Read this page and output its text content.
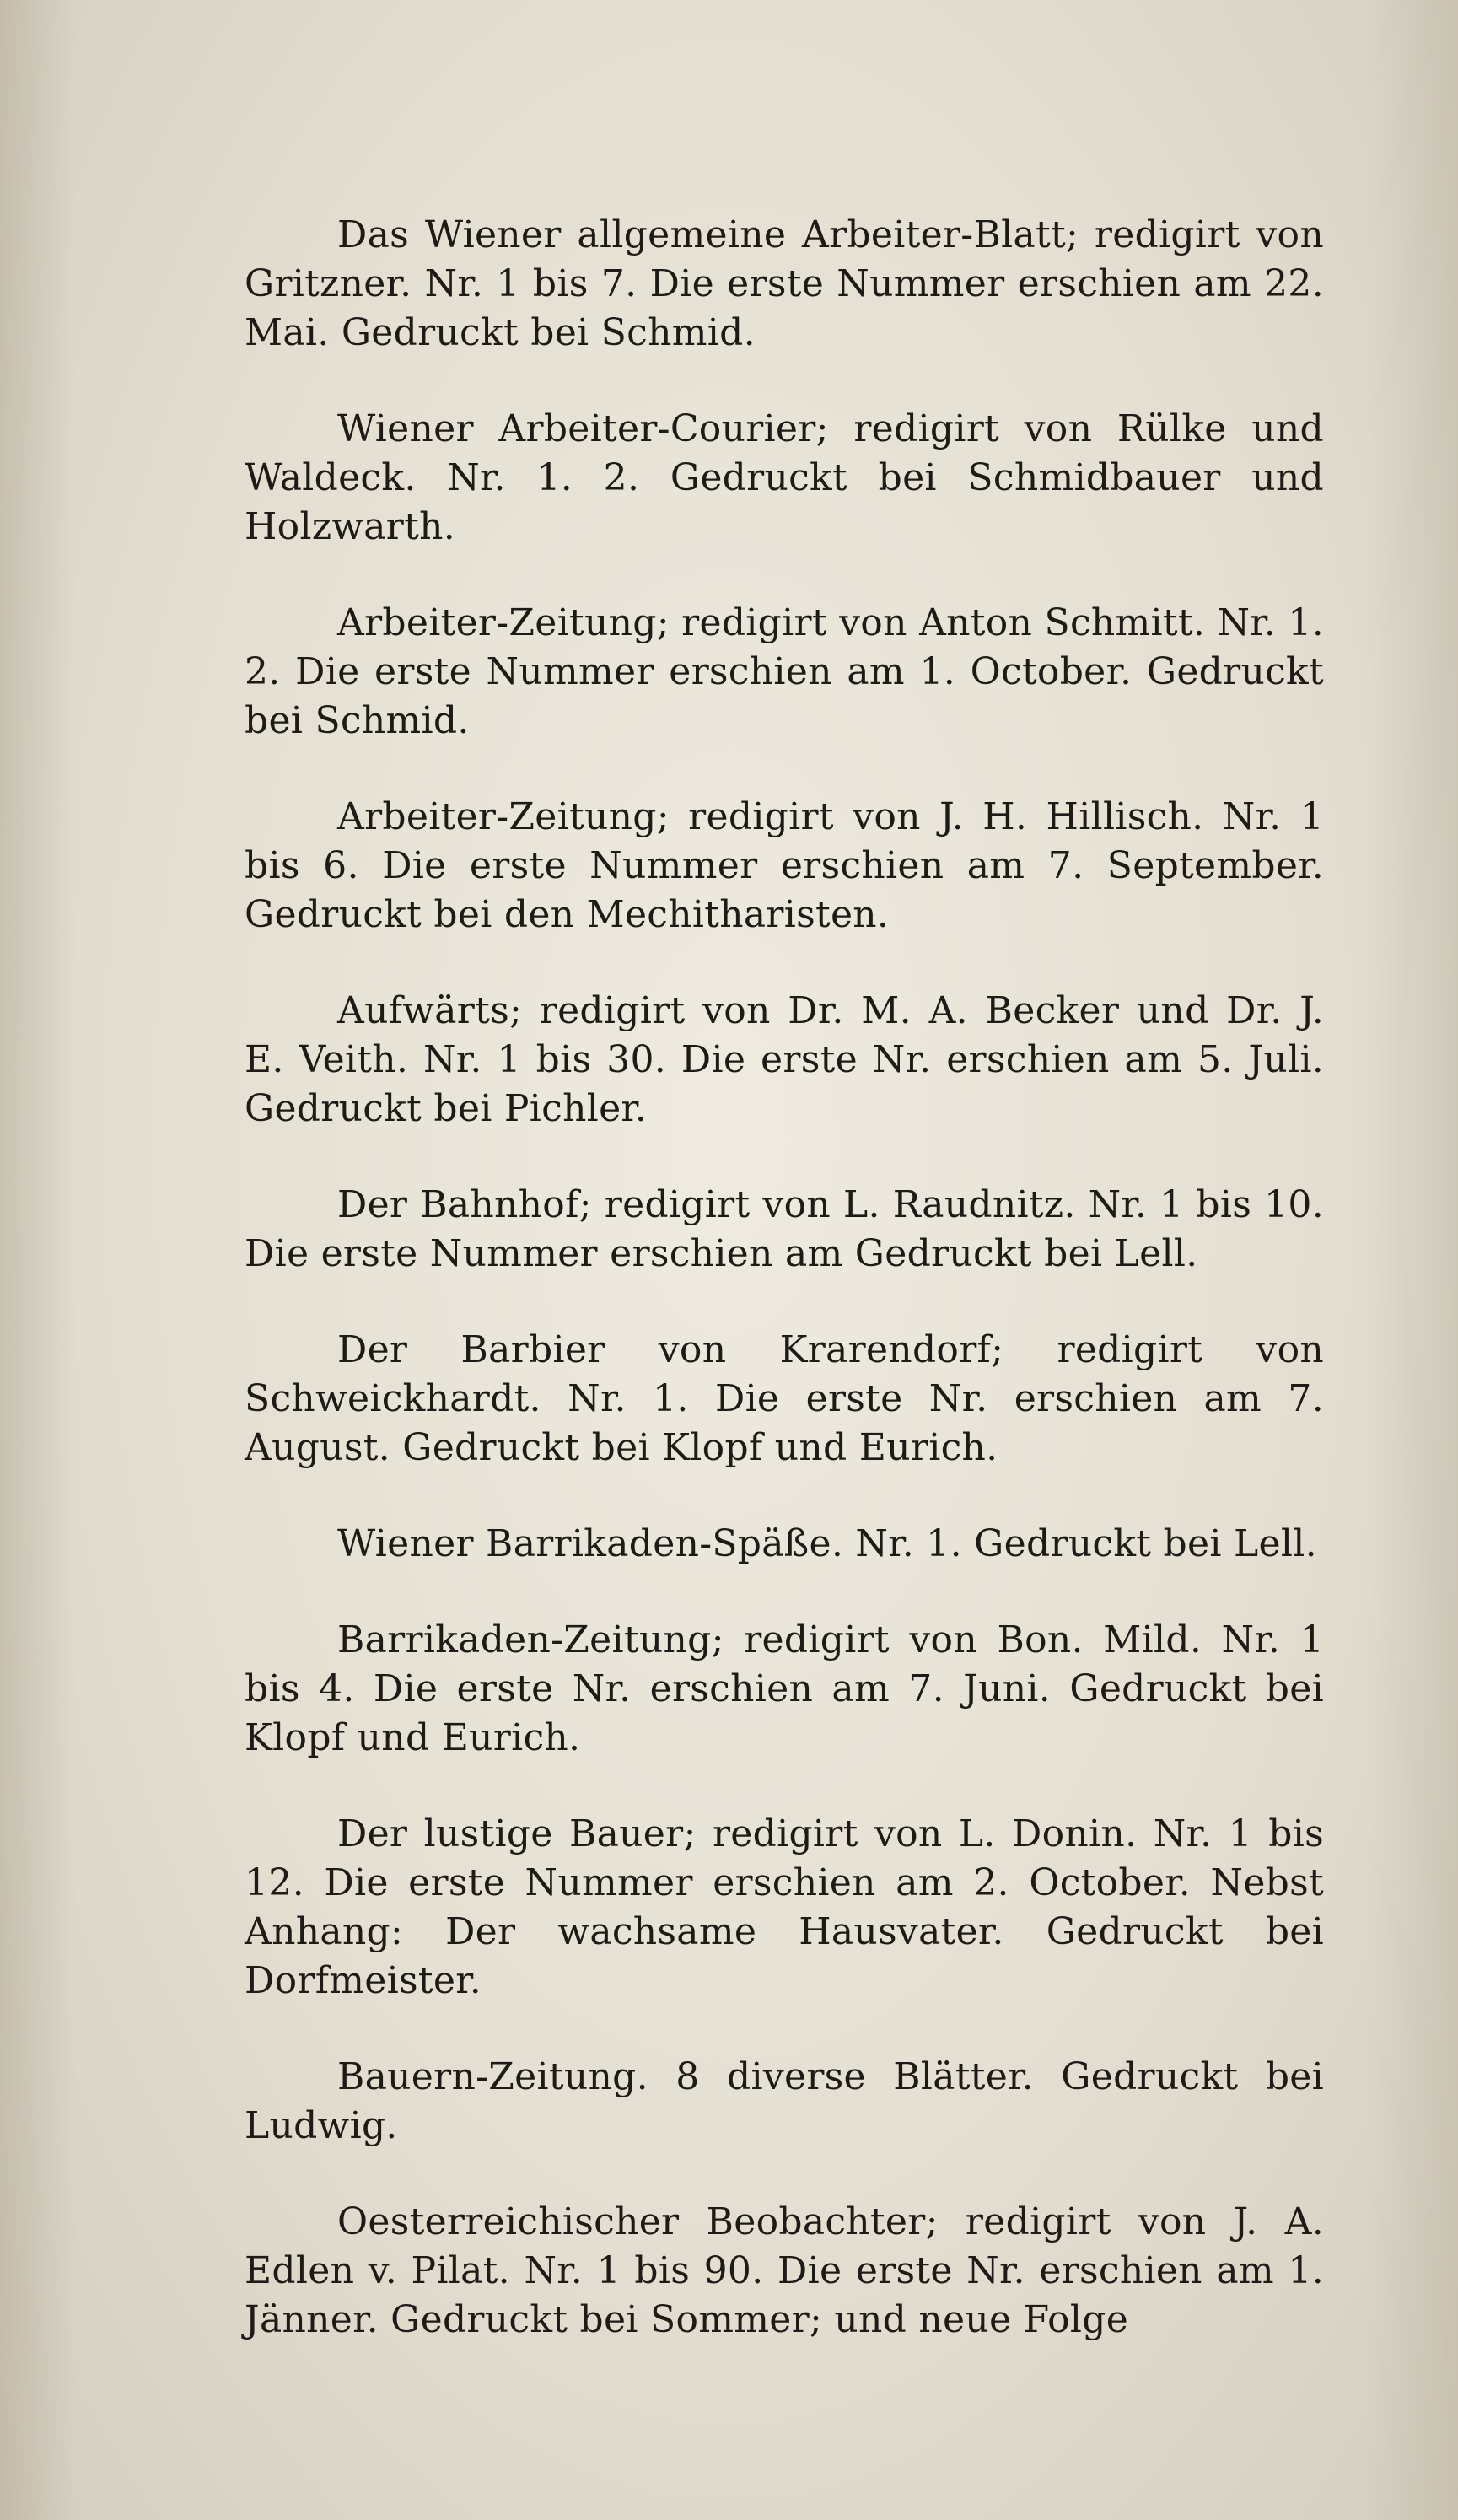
Das Wiener allgemeine Arbeiter-Blatt; redigirt von Gritzner. Nr. 1 bis 7. Die erste Nummer erschien am 22. Mai. Gedruckt bei Schmid.

Wiener Arbeiter-Courier; redigirt von Rülke und Waldeck. Nr. 1. 2. Gedruckt bei Schmidbauer und Holzwarth.

Arbeiter-Zeitung; redigirt von Anton Schmitt. Nr. 1. 2. Die erste Nummer erschien am 1. October. Gedruckt bei Schmid.

Arbeiter-Zeitung; redigirt von J. H. Hillisch. Nr. 1 bis 6. Die erste Nummer erschien am 7. September. Gedruckt bei den Mechitharisten.

Aufwärts; redigirt von Dr. M. A. Becker und Dr. J. E. Veith. Nr. 1 bis 30. Die erste Nr. erschien am 5. Juli. Gedruckt bei Pichler.

Der Bahnhof; redigirt von L. Raudnitz. Nr. 1 bis 10. Die erste Nummer erschien am Gedruckt bei Lell.

Der Barbier von Krarendorf; redigirt von Schweickhardt. Nr. 1. Die erste Nr. erschien am 7. August. Gedruckt bei Klopf und Eurich.

Wiener Barrikaden-Späße. Nr. 1. Gedruckt bei Lell.

Barrikaden-Zeitung; redigirt von Bon. Mild. Nr. 1 bis 4. Die erste Nr. erschien am 7. Juni. Gedruckt bei Klopf und Eurich.

Der lustige Bauer; redigirt von L. Donin. Nr. 1 bis 12. Die erste Nummer erschien am 2. October. Nebst Anhang: Der wachsame Hausvater. Gedruckt bei Dorfmeister.

Bauern-Zeitung. 8 diverse Blätter. Gedruckt bei Ludwig.

Oesterreichischer Beobachter; redigirt von J. A. Edlen v. Pilat. Nr. 1 bis 90. Die erste Nr. erschien am 1. Jänner. Gedruckt bei Sommer; und neue Folge
